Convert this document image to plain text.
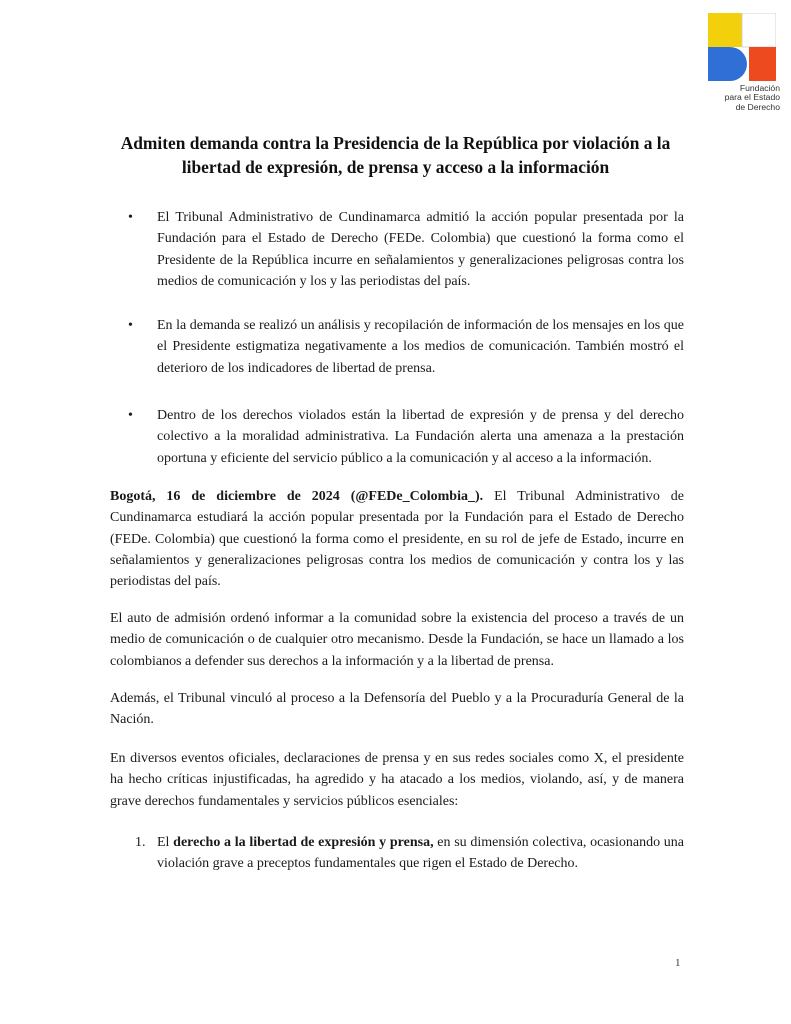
Fundación
para el Estado
de Derecho
Admiten demanda contra la Presidencia de la República por violación a la libertad de expresión, de prensa y acceso a la información
• El Tribunal Administrativo de Cundinamarca admitió la acción popular presentada por la Fundación para el Estado de Derecho (FEDe. Colombia) que cuestionó la forma como el Presidente de la República incurre en señalamientos y generalizaciones peligrosas contra los medios de comunicación y los y las periodistas del país.
• En la demanda se realizó un análisis y recopilación de información de los mensajes en los que el Presidente estigmatiza negativamente a los medios de comunicación. También mostró el deterioro de los indicadores de libertad de prensa.
• Dentro de los derechos violados están la libertad de expresión y de prensa y del derecho colectivo a la moralidad administrativa. La Fundación alerta una amenaza a la prestación oportuna y eficiente del servicio público a la comunicación y al acceso a la información.

Bogotá, 16 de diciembre de 2024 (@FEDe_Colombia_). El Tribunal Administrativo de Cundinamarca estudiará la acción popular presentada por la Fundación para el Estado de Derecho (FEDe. Colombia) que cuestionó la forma como el presidente, en su rol de jefe de Estado, incurre en señalamientos y generalizaciones peligrosas contra los medios de comunicación y contra los y las periodistas del país.

El auto de admisión ordenó informar a la comunidad sobre la existencia del proceso a través de un medio de comunicación o de cualquier otro mecanismo. Desde la Fundación, se hace un llamado a los colombianos a defender sus derechos a la información y a la libertad de prensa.

Además, el Tribunal vinculó al proceso a la Defensoría del Pueblo y a la Procuraduría General de la Nación.

En diversos eventos oficiales, declaraciones de prensa y en sus redes sociales como X, el presidente ha hecho críticas injustificadas, ha agredido y ha atacado a los medios, violando, así, y de manera grave derechos fundamentales y servicios públicos esenciales:

1. El derecho a la libertad de expresión y prensa, en su dimensión colectiva, ocasionando una violación grave a preceptos fundamentales que rigen el Estado de Derecho.
1
